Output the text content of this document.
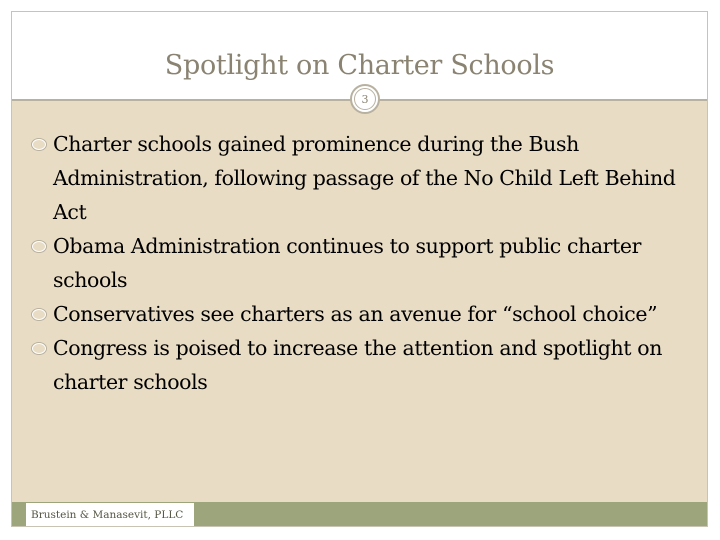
Spotlight on Charter Schools
3
Charter schools gained prominence during the Bush Administration, following passage of the No Child Left Behind Act
Obama Administration continues to support public charter schools
Conservatives see charters as an avenue for “school choice”
Congress is poised to increase the attention and spotlight on charter schools
Brustein & Manasevit, PLLC
